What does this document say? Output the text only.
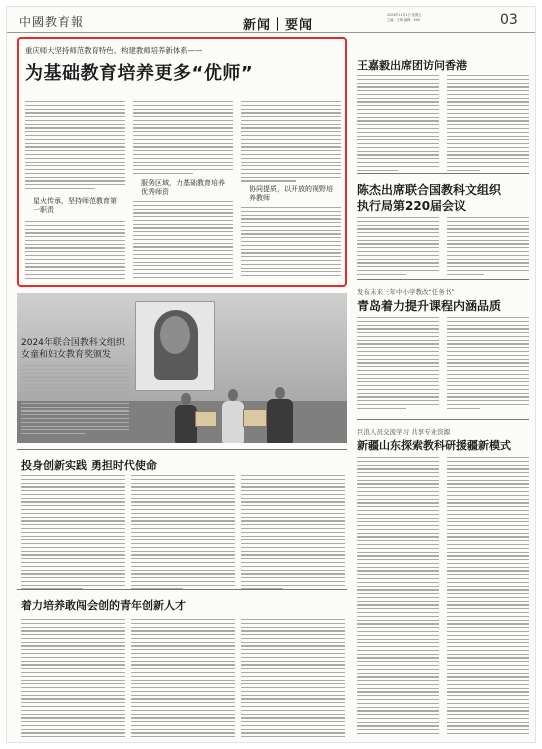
中國教育報	新闻｜要闻
2024年11月1日 星期五
主编：王海 编辑：XXX	03
重庆师大坚持师范教育特色、构建教师培养新体系——
为基础教育培养更多“优师”
星火传承，坚持师范教育第一职责
服务区域，力基础教育培养优秀师资	协同提质，以开放的视野培养教师
2024年联合国教科文组织女童和妇女教育奖颁发
王嘉毅出席团访问香港
陈杰出席联合国教科文组织
执行局第220届会议
发布未来三年中小学教改“任务书”
青岛着力提升课程内涵品质
巨浪人员交流学习 共享专业资源
新疆山东探索教科研援疆新模式
投身创新实践 勇担时代使命
着力培养敢闯会创的青年创新人才
